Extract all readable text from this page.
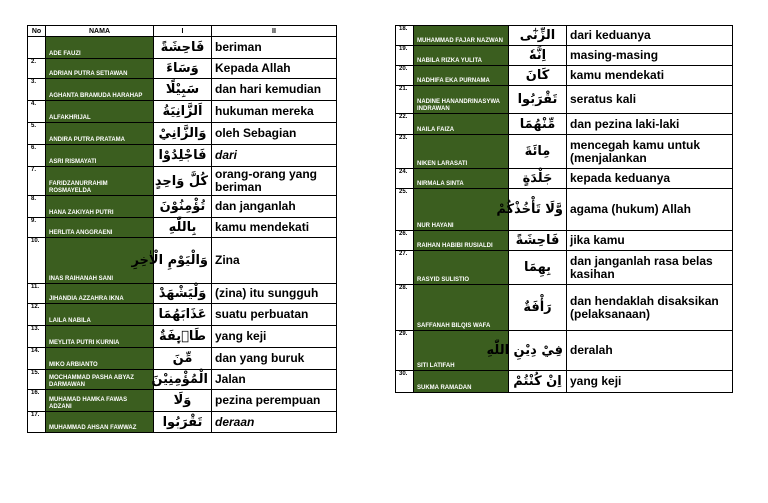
No	NAMA	I	II
	ADE FAUZI	فَاحِشَةً	beriman
2.	ADRIAN PUTRA SETIAWAN	وَسَاءَ	Kepada Allah
3.	AGHANTA BRAMUDA HARAHAP	سَبِيْلًا	dan hari kemudian
4.	ALFAKHRIJAL	اَلزَّانِيَةُ	hukuman mereka
5.	ANDIRA PUTRA PRATAMA	وَالزَّانِيْ	oleh Sebagian
6.	ASRI RISMAYATI	فَاجْلِدُوْا	dari
7.	FARIDZANURRAHIM ROSMAYELDA	كُلَّ وَاحِدٍ	orang-orang yang beriman
8.	HANA ZAKIYAH PUTRI	تُؤْمِنُوْنَ	dan janganlah
9.	HERLITA ANGGRAENI	بِاللّٰهِ	kamu mendekati
10.	INAS RAIHANAH SANI	وَالْيَوْمِ الْاٰخِرِ	Zina
11.	JIHANDIA AZZAHRA IKNA	وَلْيَشْهَدْ	(zina) itu sungguh
12.	LAILA NABILA	عَذَابَهُمَا	suatu perbuatan
13.	MEYLITA PUTRI KURNIA	طَاۤىِٕفَةٌ	yang keji
14.	MIKO ARBIANTO	مِّنَ	dan yang buruk
15.	MOCHAMMAD PASHA ABYAZ DARMAWAN	الْمُؤْمِنِيْنَ	Jalan
16.	MUHAMAD HAMKA FAWAS ADZANI	وَلَا	pezina perempuan
17.	MUHAMMAD AHSAN FAWWAZ	تَقْرَبُوا	deraan
18.	MUHAMMAD FAJAR NAZWAN	الزِّنٰٓى	dari keduanya
19.	NABILA RIZKA YULITA	اِنَّهٗ	masing-masing
20.	NADHIFA EKA PURNAMA	كَانَ	kamu mendekati
21.	NADINE HANANDRINASYWA INDRAWAN	تَقْرَبُوا	seratus kali
22.	NAILA FAIZA	مِّنْهُمَا	dan pezina laki-laki
23.	NIKEN LARASATI	مِائَةَ	mencegah kamu untuk (menjalankan
24.	NIRMALA SINTA	جَلْدَةٍ	kepada keduanya
25.	NUR HAYANI	وَّلَا تَأْخُذْكُمْ	agama (hukum) Allah
26.	RAIHAN HABIBI RUSIALDI	فَاحِشَةً	jika kamu
27.	RASYID SULISTIO	بِهِمَا	dan janganlah rasa belas kasihan
28.	SAFFANAH BILQIS WAFA	رَأْفَةٌ	dan hendaklah disaksikan (pelaksanaan)
29.	SITI LATIFAH	فِيْ دِيْنِ اللّٰهِ	deralah
30.	SUKMA RAMADAN	اِنْ كُنْتُمْ	yang keji
